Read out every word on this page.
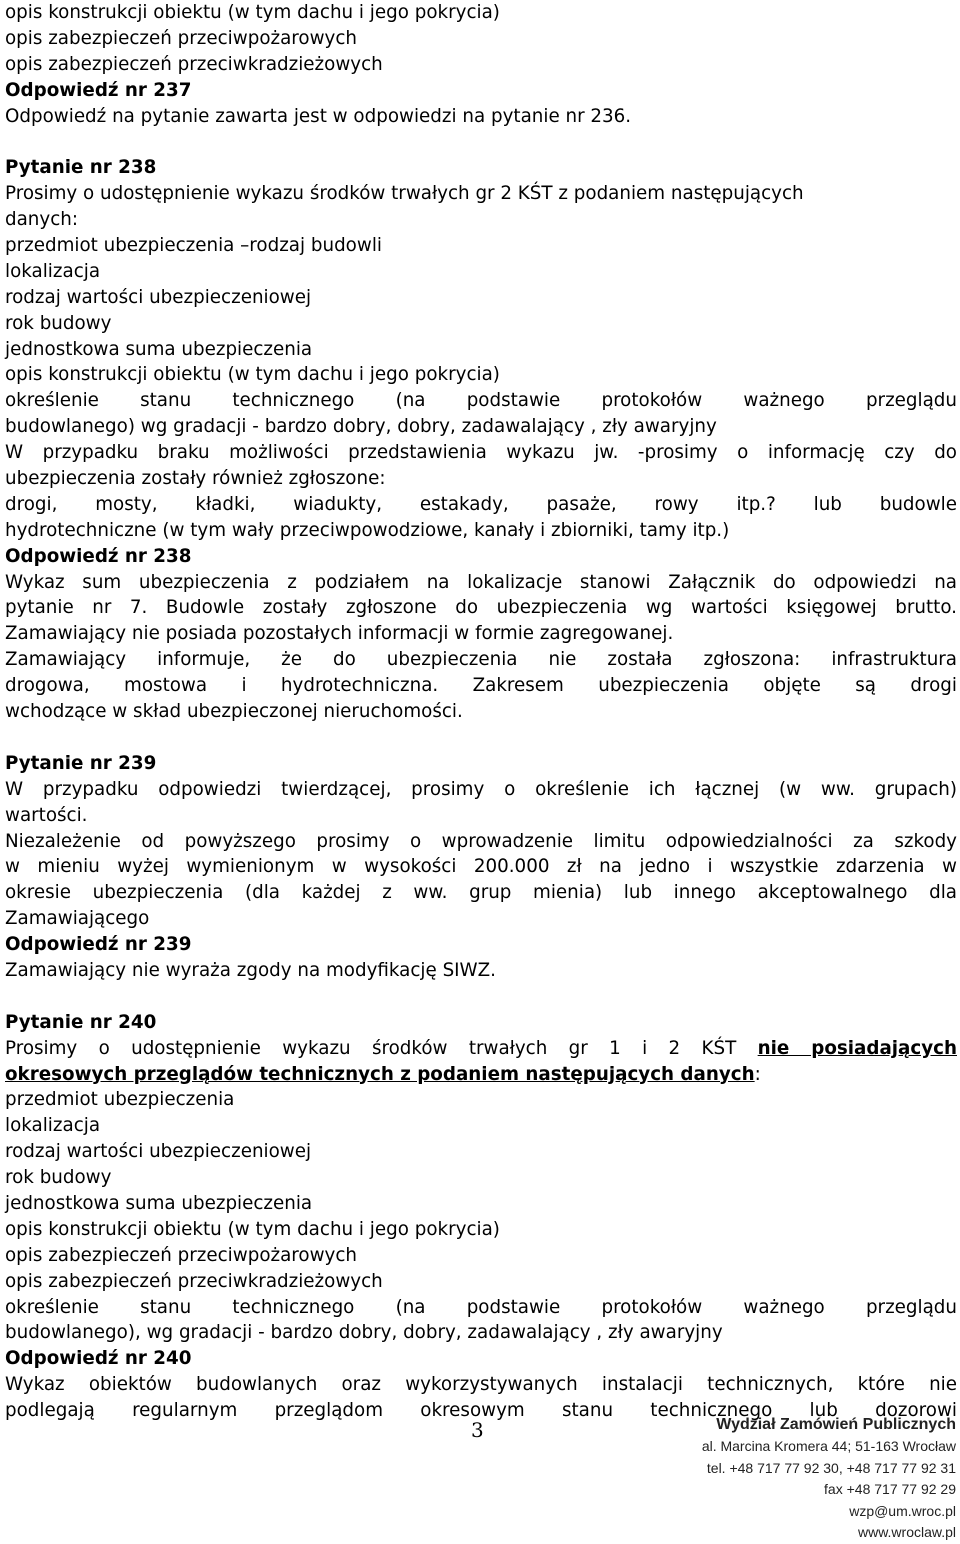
opis konstrukcji obiektu (w tym dachu i jego pokrycia)
opis zabezpieczeń przeciwpożarowych
opis zabezpieczeń przeciwkradzieżowych
Odpowiedź nr 237
Odpowiedź na pytanie zawarta jest w odpowiedzi na pytanie nr 236.
Pytanie nr 238
Prosimy o udostępnienie wykazu środków trwałych gr 2 KŚT z podaniem następujących
danych:
przedmiot ubezpieczenia –rodzaj budowli
lokalizacja
rodzaj wartości ubezpieczeniowej
rok budowy
jednostkowa suma ubezpieczenia
opis konstrukcji obiektu (w tym dachu i jego pokrycia)
określenie stanu technicznego (na podstawie protokołów ważnego przeglądu
budowlanego) wg gradacji - bardzo dobry, dobry, zadawalający , zły awaryjny
W przypadku braku możliwości przedstawienia wykazu jw. -prosimy o informację czy do
ubezpieczenia zostały również zgłoszone:
drogi, mosty, kładki, wiadukty, estakady, pasaże, rowy itp.? lub budowle
hydrotechniczne (w tym wały przeciwpowodziowe, kanały i zbiorniki, tamy itp.)
Odpowiedź nr 238
Wykaz sum ubezpieczenia z podziałem na lokalizacje stanowi Załącznik do odpowiedzi na
pytanie nr 7. Budowle zostały zgłoszone do ubezpieczenia wg wartości księgowej brutto.
Zamawiający nie posiada pozostałych informacji w formie zagregowanej.
Zamawiający informuje, że do ubezpieczenia nie została zgłoszona: infrastruktura
drogowa, mostowa i hydrotechniczna. Zakresem ubezpieczenia objęte są drogi
wchodzące w skład ubezpieczonej nieruchomości.
Pytanie nr 239
W przypadku odpowiedzi twierdzącej, prosimy o określenie ich łącznej (w ww. grupach)
wartości.
Niezależenie od powyższego prosimy o wprowadzenie limitu odpowiedzialności za szkody
w mieniu wyżej wymienionym w wysokości 200.000 zł na jedno i wszystkie zdarzenia w
okresie ubezpieczenia (dla każdej z ww. grup mienia) lub innego akceptowalnego dla
Zamawiającego
Odpowiedź nr 239
Zamawiający nie wyraża zgody na modyfikację SIWZ.
Pytanie nr 240
Prosimy o udostępnienie wykazu środków trwałych gr 1 i 2 KŚT nie posiadających
okresowych przeglądów technicznych z podaniem następujących danych:
przedmiot ubezpieczenia
lokalizacja
rodzaj wartości ubezpieczeniowej
rok budowy
jednostkowa suma ubezpieczenia
opis konstrukcji obiektu (w tym dachu i jego pokrycia)
opis zabezpieczeń przeciwpożarowych
opis zabezpieczeń przeciwkradzieżowych
określenie stanu technicznego (na podstawie protokołów ważnego przeglądu
budowlanego), wg gradacji - bardzo dobry, dobry, zadawalający , zły awaryjny
Odpowiedź nr 240
Wykaz obiektów budowlanych oraz wykorzystywanych instalacji technicznych, które nie
podlegają regularnym przeglądom okresowym stanu technicznego lub dozorowi
3	Wydział Zamówień Publicznych
al. Marcina Kromera 44; 51-163 Wrocław
tel. +48 717 77 92 30, +48 717 77 92 31
fax +48 717 77 92 29
wzp@um.wroc.pl
www.wroclaw.pl
